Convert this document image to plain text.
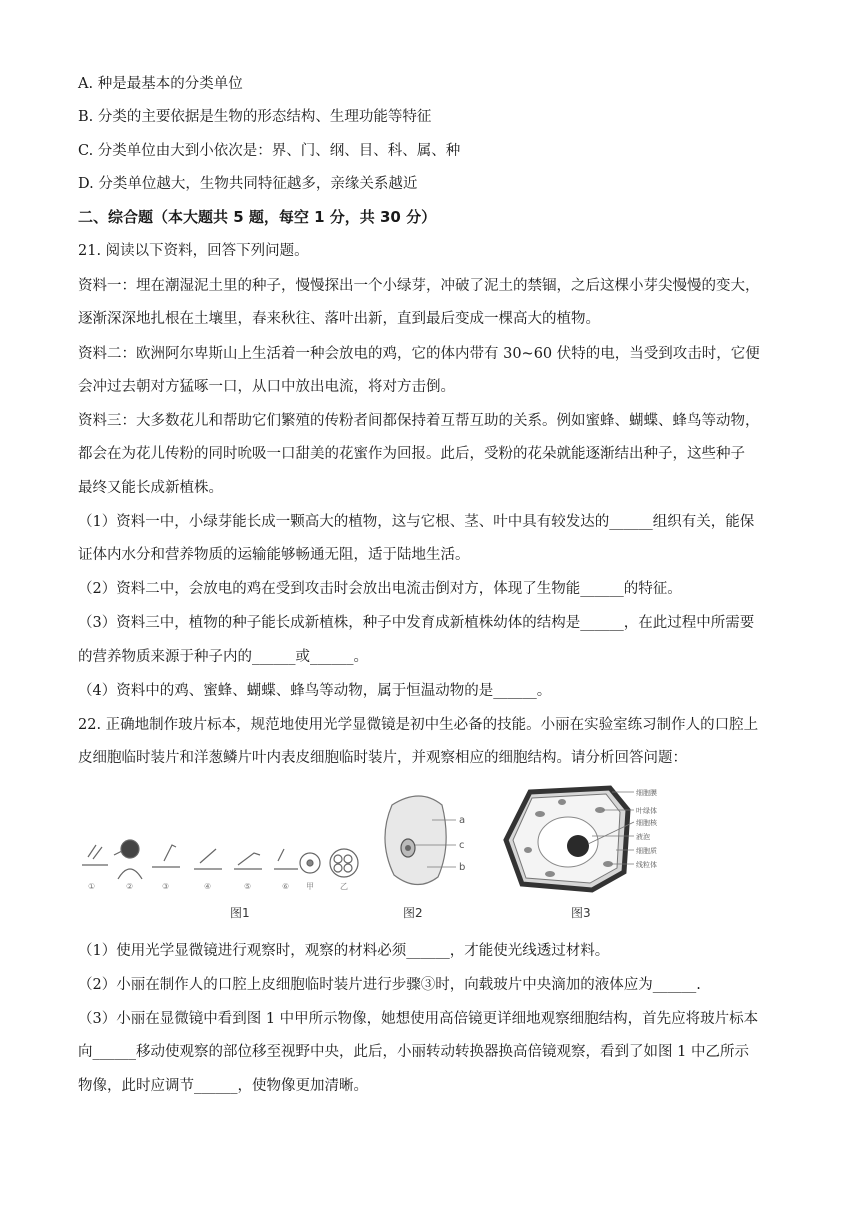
A. 种是最基本的分类单位
B. 分类的主要依据是生物的形态结构、生理功能等特征
C. 分类单位由大到小依次是：界、门、纲、目、科、属、种
D. 分类单位越大，生物共同特征越多，亲缘关系越近
二、综合题（本大题共 5 题，每空 1 分，共 30 分）
21. 阅读以下资料，回答下列问题。
资料一：埋在潮湿泥土里的种子，慢慢探出一个小绿芽，冲破了泥土的禁锢，之后这棵小芽尖慢慢的变大，
逐渐深深地扎根在土壤里，春来秋往、落叶出新，直到最后变成一棵高大的植物。
资料二：欧洲阿尔卑斯山上生活着一种会放电的鸡，它的体内带有 30~60 伏特的电，当受到攻击时，它便
会冲过去朝对方猛啄一口，从口中放出电流，将对方击倒。
资料三：大多数花儿和帮助它们繁殖的传粉者间都保持着互帮互助的关系。例如蜜蜂、蝴蝶、蜂鸟等动物，
都会在为花儿传粉的同时吮吸一口甜美的花蜜作为回报。此后，受粉的花朵就能逐渐结出种子，这些种子
最终又能长成新植株。
（1）资料一中，小绿芽能长成一颗高大的植物，这与它根、茎、叶中具有较发达的______组织有关，能保
证体内水分和营养物质的运输能够畅通无阻，适于陆地生活。
（2）资料二中，会放电的鸡在受到攻击时会放出电流击倒对方，体现了生物能______的特征。
（3）资料三中，植物的种子能长成新植株，种子中发育成新植株幼体的结构是______，在此过程中所需要
的营养物质来源于种子内的______或______。
（4）资料中的鸡、蜜蜂、蝴蝶、蜂鸟等动物，属于恒温动物的是______。
22. 正确地制作玻片标本，规范地使用光学显微镜是初中生必备的技能。小丽在实验室练习制作人的口腔上
皮细胞临时装片和洋葱鳞片叶内表皮细胞临时装片，并观察相应的细胞结构。请分析回答问题：
①	②	③	④	⑤	⑥ 甲	乙
图1
a
c
b
图2
细胞膜
叶绿体
细胞核
液泡
细胞质
线粒体
图3
（1）使用光学显微镜进行观察时，观察的材料必须______，才能使光线透过材料。
（2）小丽在制作人的口腔上皮细胞临时装片进行步骤③时，向载玻片中央滴加的液体应为______.
（3）小丽在显微镜中看到图 1 中甲所示物像，她想使用高倍镜更详细地观察细胞结构，首先应将玻片标本
向______移动使观察的部位移至视野中央，此后，小丽转动转换器换高倍镜观察，看到了如图 1 中乙所示
物像，此时应调节______，使物像更加清晰。
